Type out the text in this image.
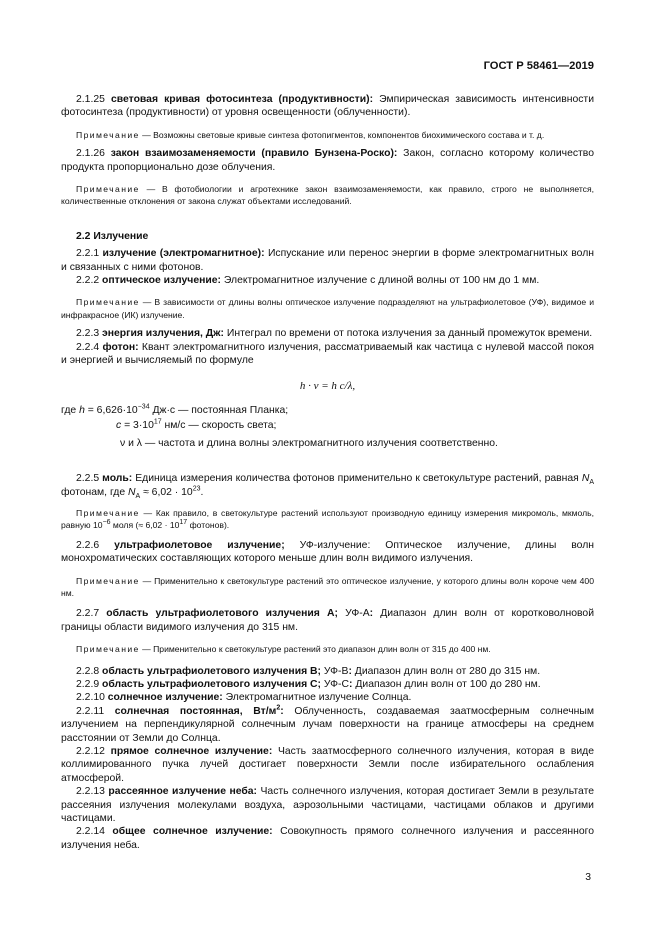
ГОСТ Р 58461—2019

2.1.25 световая кривая фотосинтеза (продуктивности): Эмпирическая зависимость интенсивности фотосинтеза (продуктивности) от уровня освещенности (облученности).

Примечание — Возможны световые кривые синтеза фотопигментов, компонентов биохимического состава и т. д.

2.1.26 закон взаимозаменяемости (правило Бунзена-Роско): Закон, согласно которому количество продукта пропорционально дозе облучения.

Примечание — В фотобиологии и агротехнике закон взаимозаменяемости, как правило, строго не выполняется, количественные отклонения от закона служат объектами исследований.

2.2 Излучение

2.2.1 излучение (электромагнитное): Испускание или перенос энергии в форме электромагнитных волн и связанных с ними фотонов.

2.2.2 оптическое излучение: Электромагнитное излучение с длиной волны от 100 нм до 1 мм.

Примечание — В зависимости от длины волны оптическое излучение подразделяют на ультрафиолетовое (УФ), видимое и инфракрасное (ИК) излучение.

2.2.3 энергия излучения, Дж: Интеграл по времени от потока излучения за данный промежуток времени.

2.2.4 фотон: Квант электромагнитного излучения, рассматриваемый как частица с нулевой массой покоя и энергией и вычисляемый по формуле

h · ν = h c/λ,

где $h = 6,626\cdot 10^{-34}$ Дж·с — постоянная Планка;
$c = 3\cdot 10^{17}$ нм/с — скорость света;
ν и λ — частота и длина волны электромагнитного излучения соответственно.

2.2.5 моль: Единица измерения количества фотонов применительно к светокультуре растений, равная $N_A$ фотонам, где $N_A \approx 6,02 \cdot 10^{23}$.

Примечание — Как правило, в светокультуре растений используют производную единицу измерения микромоль, мкмоль, равную $10^{-6}$ моля (≈ $6,02 \cdot 10^{17}$ фотонов).

2.2.6 ультрафиолетовое излучение; УФ-излучение: Оптическое излучение, длины волн монохроматических составляющих которого меньше длин волн видимого излучения.

Примечание — Применительно к светокультуре растений это оптическое излучение, у которого длины волн короче чем 400 нм.

2.2.7 область ультрафиолетового излучения А; УФ-А: Диапазон длин волн от коротковолновой границы области видимого излучения до 315 нм.

Примечание — Применительно к светокультуре растений это диапазон длин волн от 315 до 400 нм.

2.2.8 область ультрафиолетового излучения В; УФ-В: Диапазон длин волн от 280 до 315 нм.

2.2.9 область ультрафиолетового излучения С; УФ-С: Диапазон длин волн от 100 до 280 нм.

2.2.10 солнечное излучение: Электромагнитное излучение Солнца.

2.2.11 солнечная постоянная, $Вт/м^2$: Облученность, создаваемая заатмосферным солнечным излучением на перпендикулярной солнечным лучам поверхности на границе атмосферы на среднем расстоянии от Земли до Солнца.

2.2.12 прямое солнечное излучение: Часть заатмосферного солнечного излучения, которая в виде коллимированного пучка лучей достигает поверхности Земли после избирательного ослабления атмосферой.

2.2.13 рассеянное излучение неба: Часть солнечного излучения, которая достигает Земли в результате рассеяния излучения молекулами воздуха, аэрозольными частицами, частицами облаков и другими частицами.

2.2.14 общее солнечное излучение: Совокупность прямого солнечного излучения и рассеянного излучения неба.

3
